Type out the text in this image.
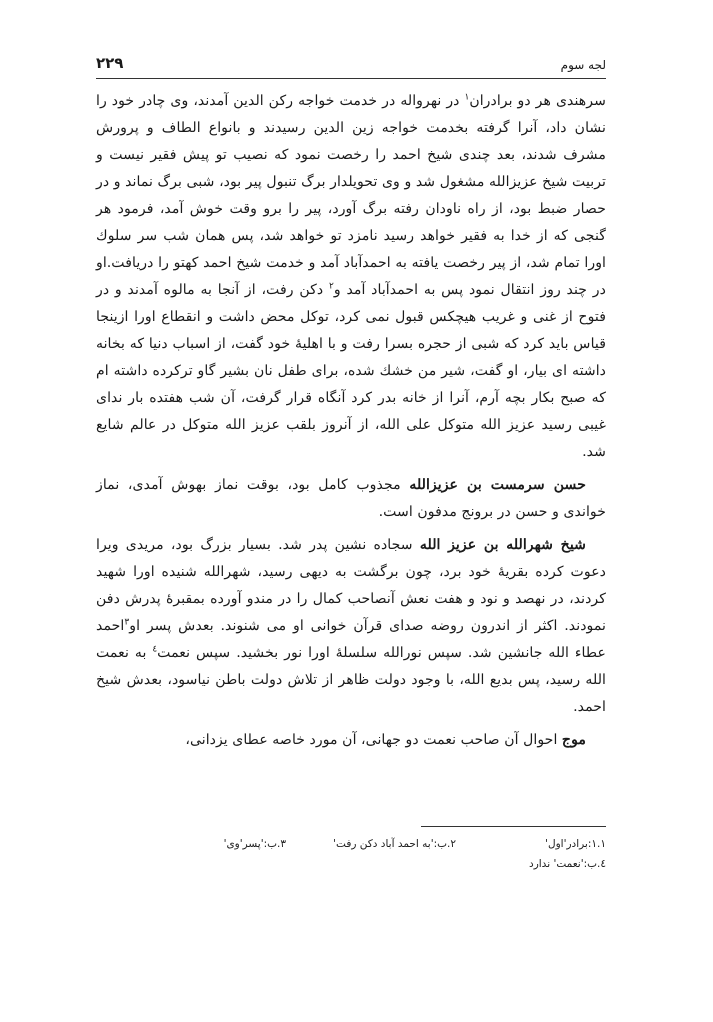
۲۲۹	لجه سوم

سرهندی هر دو برادران$^۱$ در نهرواله در خدمت خواجه رکن الدین آمدند، وی چادر خود را نشان داد، آنرا گرفته بخدمت خواجه زین الدین رسیدند و بانواع الطاف و پرورش مشرف شدند، بعد چندی شیخ احمد را رخصت نمود که نصیب تو پیش فقیر نیست و تربیت شیخ عزیزالله مشغول شد و وی تحویلدار برگ تنبول پیر بود، شبی برگ نماند و در حصار ضبط بود، از راه ناودان رفته برگ آورد، پیر را برو وقت خوش آمد، فرمود هر گنجی که از خدا به فقیر خواهد رسید نامزد تو خواهد شد، پس همان شب سر سلوك اورا تمام شد، از پیر رخصت یافته به احمدآباد آمد و خدمت شیخ احمد کهتو را دریافت.او در چند روز انتقال نمود پس به احمدآباد آمد و$^۲$ دکن رفت، از آنجا به مالوه آمدند و در فتوح از غنی و غریب هیچکس قبول نمی کرد، توکل محض داشت و انقطاع اورا ازینجا قیاس باید کرد که شبی از حجره بسرا رفت و با اهلیهٔ خود گفت، از اسباب دنیا که بخانه داشته ای بیار، او گفت، شیر من خشك شده، برای طفل نان بشیر گاو ترکرده داشته ام که صبح بکار بچه آرم، آنرا از خانه بدر کرد آنگاه قرار گرفت، آن شب هفتده بار ندای غیبی رسید عزیز الله متوکل علی الله، از آنروز بلقب عزیز الله متوکل در عالم شایع شد.

حسن سرمست بن عزیزالله مجذوب کامل بود، بوقت نماز بهوش آمدی، نماز خواندی و حسن در برونج مدفون است.

شیخ شهرالله بن عزیز الله سجاده نشین پدر شد. بسیار بزرگ بود، مریدی ویرا دعوت کرده بقریهٔ خود برد، چون برگشت به دیهی رسید، شهرالله شنیده اورا شهید کردند، در نهصد و نود و هفت نعش آنصاحب کمال را در مندو آورده بمقبرهٔ پدرش دفن نمودند. اکثر از اندرون روضه صدای قرآن خوانی او می شنوند. بعدش پسر او$^۳$احمد عطاء الله جانشین شد. سپس نورالله سلسلهٔ اورا نور بخشید. سپس نعمت$^٤$ به نعمت الله رسید، پس بدیع الله، با وجود دولت ظاهر از تلاش دولت باطن نیاسود، بعدش شیخ احمد.

موج احوال آن صاحب نعمت دو جهانی، آن مورد خاصه عطای یزدانی،

۱.۱:برادر'اول'
۲.ب:'به احمد آباد دکن رفت'
۳.ب:'پسر'وی'
٤.ب:'نعمت' ندارد
